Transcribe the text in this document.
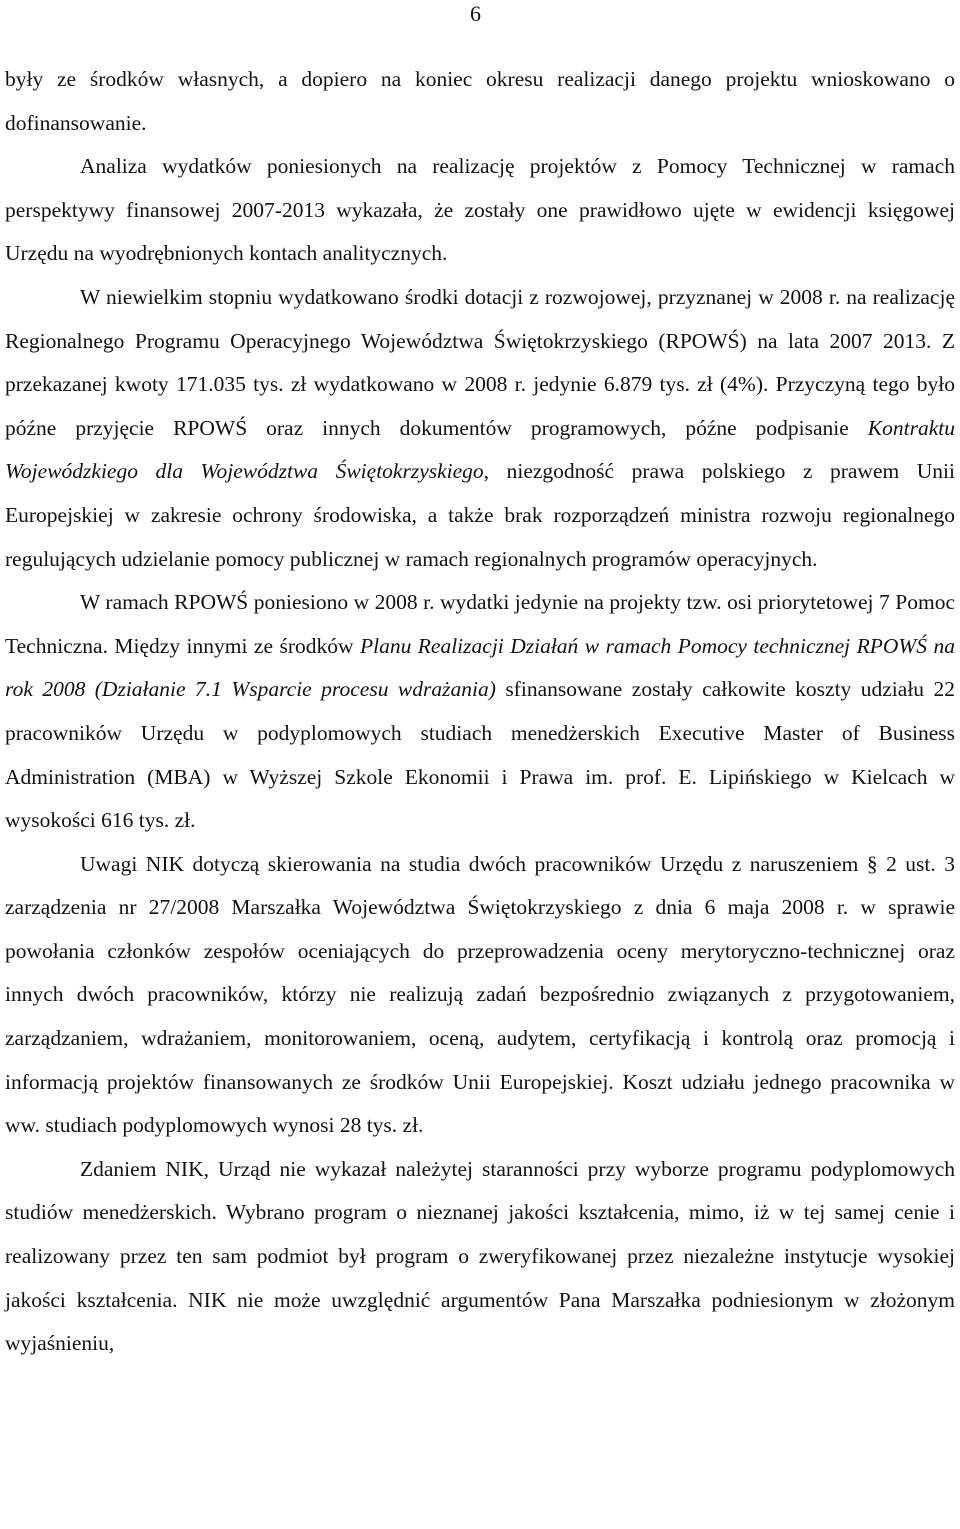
6

były ze środków własnych, a dopiero na koniec okresu realizacji danego projektu wnioskowano o dofinansowanie.

Analiza wydatków poniesionych na realizację projektów z Pomocy Technicznej w ramach perspektywy finansowej 2007-2013 wykazała, że zostały one prawidłowo ujęte w ewidencji księgowej Urzędu na wyodrębnionych kontach analitycznych.

W niewielkim stopniu wydatkowano środki dotacji z rozwojowej, przyznanej w 2008 r. na realizację Regionalnego Programu Operacyjnego Województwa Świętokrzyskiego (RPOWŚ) na lata 2007 2013. Z przekazanej kwoty 171.035 tys. zł wydatkowano w 2008 r. jedynie 6.879 tys. zł (4%). Przyczyną tego było późne przyjęcie RPOWŚ oraz innych dokumentów programowych, późne podpisanie Kontraktu Wojewódzkiego dla Województwa Świętokrzyskiego, niezgodność prawa polskiego z prawem Unii Europejskiej w zakresie ochrony środowiska, a także brak rozporządzeń ministra rozwoju regionalnego regulujących udzielanie pomocy publicznej w ramach regionalnych programów operacyjnych.

W ramach RPOWŚ poniesiono w 2008 r. wydatki jedynie na projekty tzw. osi priorytetowej 7 Pomoc Techniczna. Między innymi ze środków Planu Realizacji Działań w ramach Pomocy technicznej RPOWŚ na rok 2008 (Działanie 7.1 Wsparcie procesu wdrażania) sfinansowane zostały całkowite koszty udziału 22 pracowników Urzędu w podyplomowych studiach menedżerskich Executive Master of Business Administration (MBA) w Wyższej Szkole Ekonomii i Prawa im. prof. E. Lipińskiego w Kielcach w wysokości 616 tys. zł.

Uwagi NIK dotyczą skierowania na studia dwóch pracowników Urzędu z naruszeniem § 2 ust. 3 zarządzenia nr 27/2008 Marszałka Województwa Świętokrzyskiego z dnia 6 maja 2008 r. w sprawie powołania członków zespołów oceniających do przeprowadzenia oceny merytoryczno-technicznej oraz innych dwóch pracowników, którzy nie realizują zadań bezpośrednio związanych z przygotowaniem, zarządzaniem, wdrażaniem, monitorowaniem, oceną, audytem, certyfikacją i kontrolą oraz promocją i informacją projektów finansowanych ze środków Unii Europejskiej. Koszt udziału jednego pracownika w ww. studiach podyplomowych wynosi 28 tys. zł.

Zdaniem NIK, Urząd nie wykazał należytej staranności przy wyborze programu podyplomowych studiów menedżerskich. Wybrano program o nieznanej jakości kształcenia, mimo, iż w tej samej cenie i realizowany przez ten sam podmiot był program o zweryfikowanej przez niezależne instytucje wysokiej jakości kształcenia. NIK nie może uwzględnić argumentów Pana Marszałka podniesionym w złożonym wyjaśnieniu,
